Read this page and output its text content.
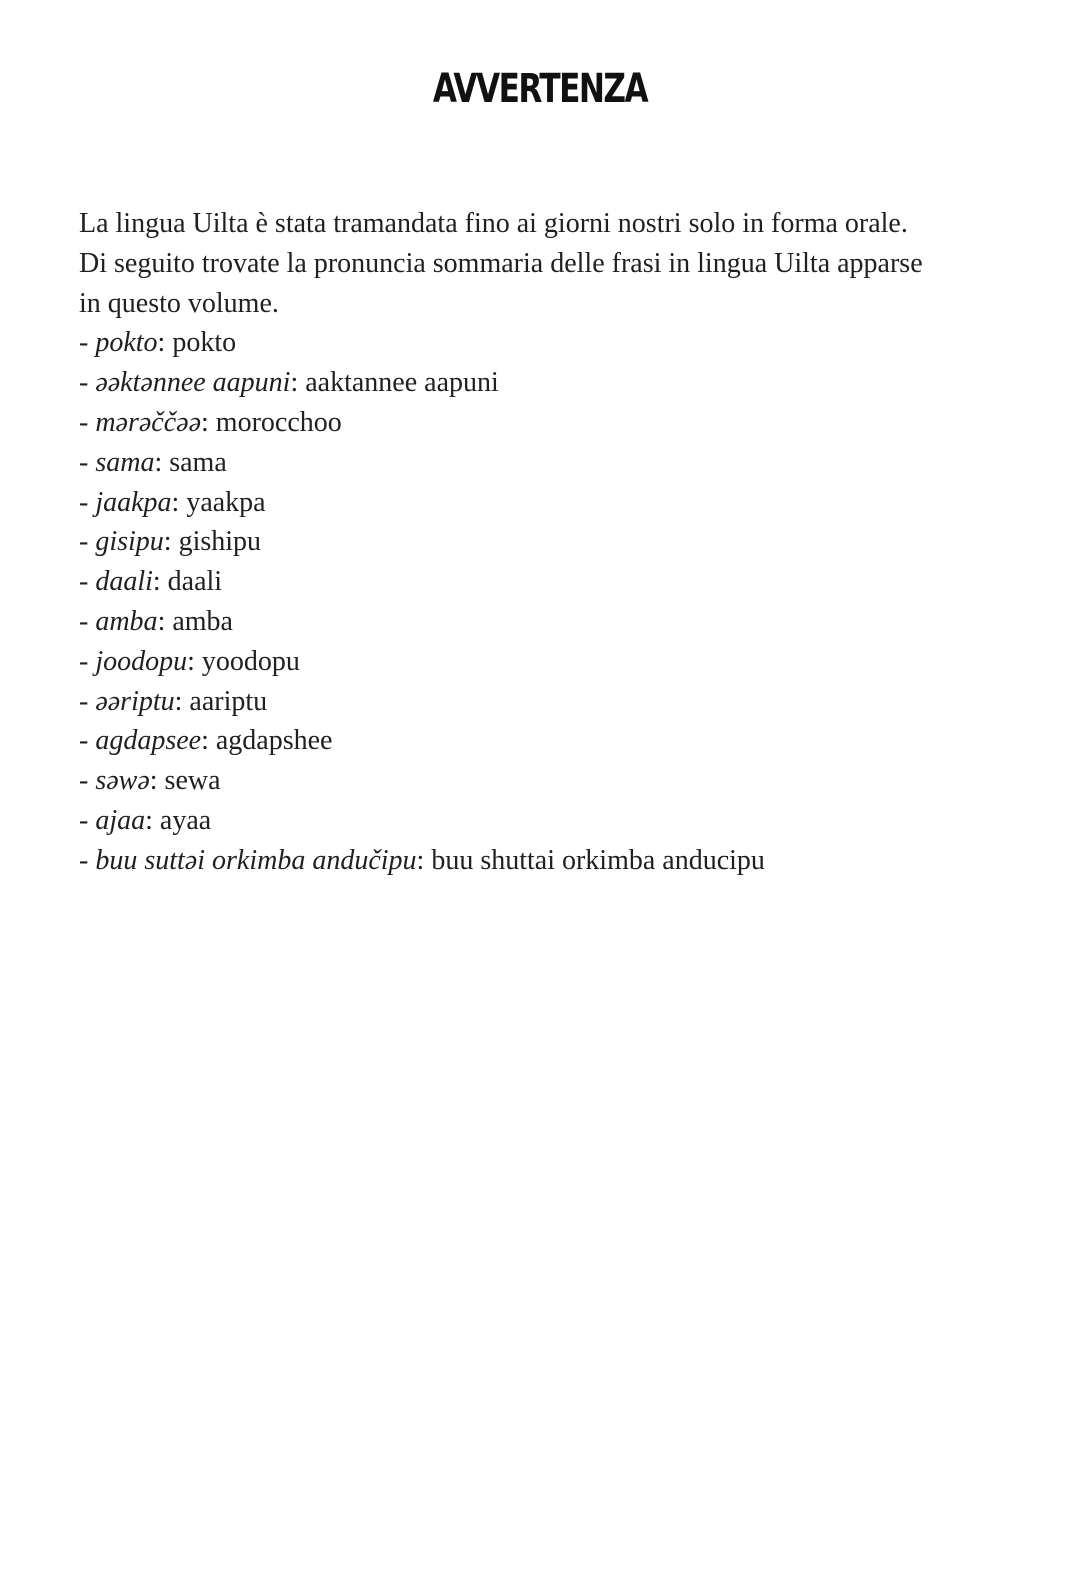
AVVERTENZA
La lingua Uilta è stata tramandata fino ai giorni nostri solo in forma orale.
Di seguito trovate la pronuncia sommaria delle frasi in lingua Uilta apparse
in questo volume.
- pokto: pokto
- əəktənnee aapuni: aaktannee aapuni
- mərəččəə: morocchoo
- sama: sama
- jaakpa: yaakpa
- gisipu: gishipu
- daali: daali
- amba: amba
- joodopu: yoodopu
- əəriptu: aariptu
- agdapsee: agdapshee
- səwə: sewa
- ajaa: ayaa
- buu suttəi orkimba andučipu: buu shuttai orkimba anducipu
